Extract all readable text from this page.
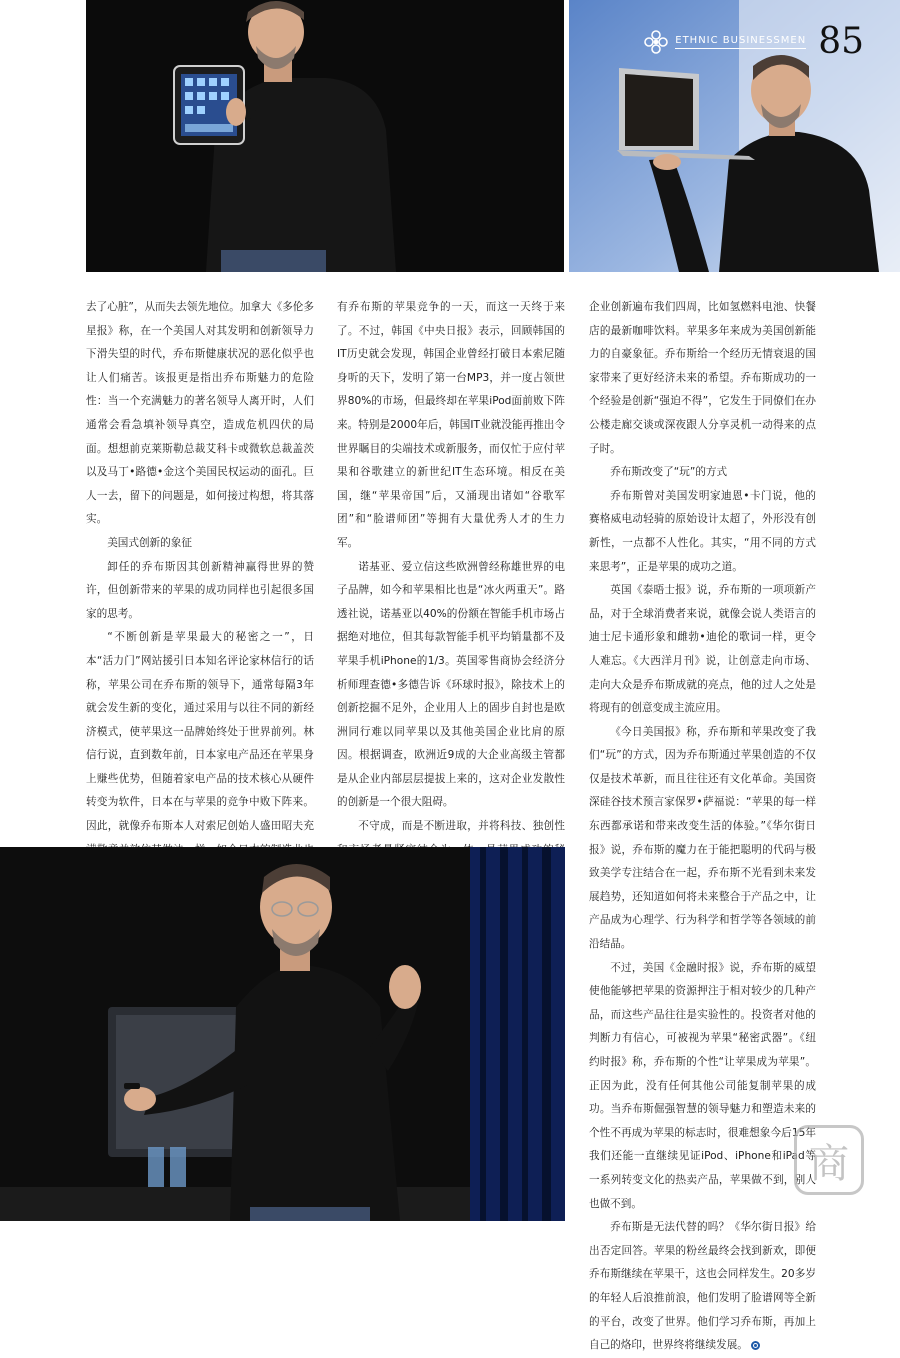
ETHNIC BUSINESSMEN 85

去了心脏”，从而失去领先地位。加拿大《多伦多星报》称，在一个美国人对其发明和创新领导力下滑失望的时代，乔布斯健康状况的恶化似乎也让人们痛苦。该报更是指出乔布斯魅力的危险性：当一个充满魅力的著名领导人离开时，人们通常会看急填补领导真空，造成危机四伏的局面。想想前克莱斯勒总裁艾科卡或微软总裁盖茨以及马丁•路德•金这个美国民权运动的面孔。巨人一去，留下的问题是，如何接过构想，将其落实。

美国式创新的象征

卸任的乔布斯因其创新精神赢得世界的赞许，但创新带来的苹果的成功同样也引起很多国家的思考。

“不断创新是苹果最大的秘密之一”，日本“活力门”网站援引日本知名评论家林信行的话称，苹果公司在乔布斯的领导下，通常每隔3年就会发生新的变化，通过采用与以往不同的新经济模式，使苹果这一品牌始终处于世界前列。林信行说，直到数年前，日本家电产品还在苹果身上赚些优势，但随着家电产品的技术核心从硬件转变为软件，日本在与苹果的竞争中败下阵来。因此，就像乔布斯本人对索尼创始人盛田昭夫充

有乔布斯的苹果竞争的一天，而这一天终于来了。不过，韩国《中央日报》表示，回顾韩国的IT历史就会发现，韩国企业曾经打破日本索尼随身听的天下，发明了第一台MP3，并一度占领世界80%的市场，但最终却在苹果iPod面前败下阵来。特别是2000年后，韩国IT业就没能再推出令世界瞩目的尖端技术或新服务，而仅忙于应付苹果和谷歌建立的新世纪IT生态环境。相反在美国，继“苹果帝国”后，又涌现出诸如“谷歌军团”和“脸谱师团”等拥有大量优秀人才的生力军。

诺基亚、爱立信这些欧洲曾经称雄世界的电子品牌，如今和苹果相比也是“冰火两重天”。路透社说，诺基亚以40%的份额在智能手机市场占据绝对地位，但其每款智能手机平均销量都不及苹果手机iPhone的1/3。英国零售商协会经济分析师理查德•多德告诉《环球时报》，除技术上的创新挖掘不足外，企业用人上的固步自封也是欧洲同行难以同苹果以及其他美国企业比肩的原因。根据调查，欧洲近9成的大企业高级主管都是从企业内部层层提拔上来的，这对企业发散性的创新是一个很大阻碍。

不守成，而是不断进取，并将科技、独创性

企业创新遍布我们四周，比如氢燃料电池、快餐店的最新咖啡饮料。苹果多年来成为美国创新能力的自豪象征。乔布斯给一个经历无情衰退的国家带来了更好经济未来的希望。乔布斯成功的一个经验是创新“强迫不得”，它发生于同僚们在办公楼走廊交谈或深夜跟人分享灵机一动得来的点子时。

乔布斯改变了“玩”的方式

乔布斯曾对美国发明家迪恩•卡门说，他的赛格威电动轻骑的原始设计太超了，外形没有创新性，一点都不人性化。其实，“用不同的方式来思考”，正是苹果的成功之道。

英国《泰晤士报》说，乔布斯的一项项新产品，对于全球消费者来说，就像会说人类语言的迪士尼卡通形象和雌勃•迪伦的歌词一样，更令人难忘。《大西洋月刊》说，让创意走向市场、走向大众是乔布斯成就的亮点，他的过人之处是将现有的创意变成主流应用。

《今日美国报》称，乔布斯和苹果改变了我们“玩”的方式，因为乔布斯通过苹果创造的不仅仅是技术革新，而且往往还有文化革命。美国资深硅谷技术预言家保罗•萨福说：“苹果的每一样东西都承诺和带来改变生活的体验。”《华尔街日报》说，乔布斯的魔力在于能把聪明的代码与极致美学专注结合在一起，乔布斯不光看到未来发展趋势，还知道如何将未来整合于产品之中，让产品成为心理学、行为科学和哲学等各领域的前沿结晶。

不过，美国《金融时报》说，乔布斯的威望使他能够把苹果的资源押注于相对较少的几种产品，而这些产品往往是实验性的。投资者对他的判断力有信心，可被视为苹果“秘密武器”。《纽约时报》称，乔布斯的个性“让苹果成为苹果”。正因为此，没有任何其他公司能复制苹果的成功。当乔布斯倔强智慧的领导魅力和塑造未来的个性不再成为苹果的标志时，很难想象今后15年我们还能一直继续见证iPod、iPhone和iPad等一系列转变文化的热卖产品，苹果做不到，别人也做不到。

乔布斯是无法代替的吗？《华尔街日报》给出否定回答。苹果的粉丝最终会找到新欢，即便乔布斯继续在苹果干，这也会同样发生。20多岁的年轻人后浪推前浪，他们发明了脸谱网等全新的平台，改变了世界。他们学习乔布斯，再加上自己的烙印，世界终将继续发展。

商
